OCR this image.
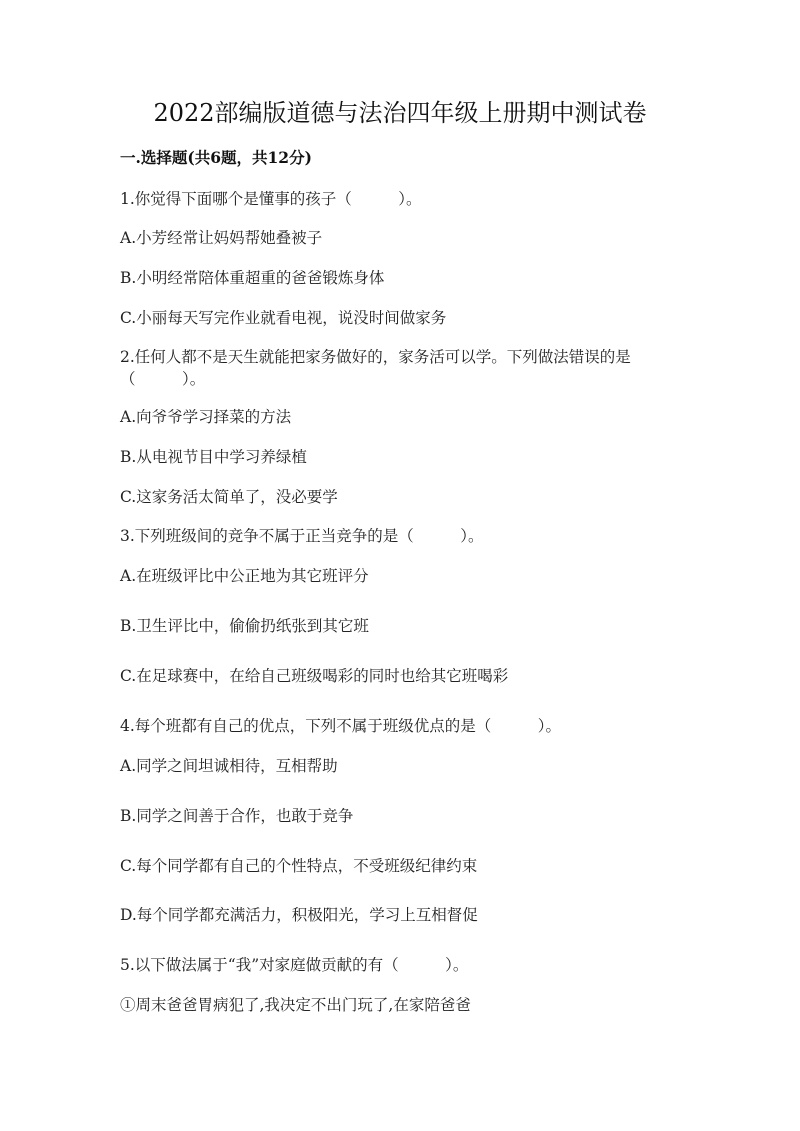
2022部编版道德与法治四年级上册期中测试卷
一.选择题(共6题，共12分)
1.你觉得下面哪个是懂事的孩子（　　　）。
A.小芳经常让妈妈帮她叠被子
B.小明经常陪体重超重的爸爸锻炼身体
C.小丽每天写完作业就看电视，说没时间做家务
2.任何人都不是天生就能把家务做好的，家务活可以学。下列做法错误的是（　　　）。
A.向爷爷学习择菜的方法
B.从电视节目中学习养绿植
C.这家务活太简单了，没必要学
3.下列班级间的竞争不属于正当竞争的是（　　　）。
A.在班级评比中公正地为其它班评分
B.卫生评比中，偷偷扔纸张到其它班
C.在足球赛中，在给自己班级喝彩的同时也给其它班喝彩
4.每个班都有自己的优点，下列不属于班级优点的是（　　　）。
A.同学之间坦诚相待，互相帮助
B.同学之间善于合作，也敢于竞争
C.每个同学都有自己的个性特点，不受班级纪律约束
D.每个同学都充满活力，积极阳光，学习上互相督促
5.以下做法属于“我”对家庭做贡献的有（　　　）。
①周末爸爸胃病犯了,我决定不出门玩了,在家陪爸爸
